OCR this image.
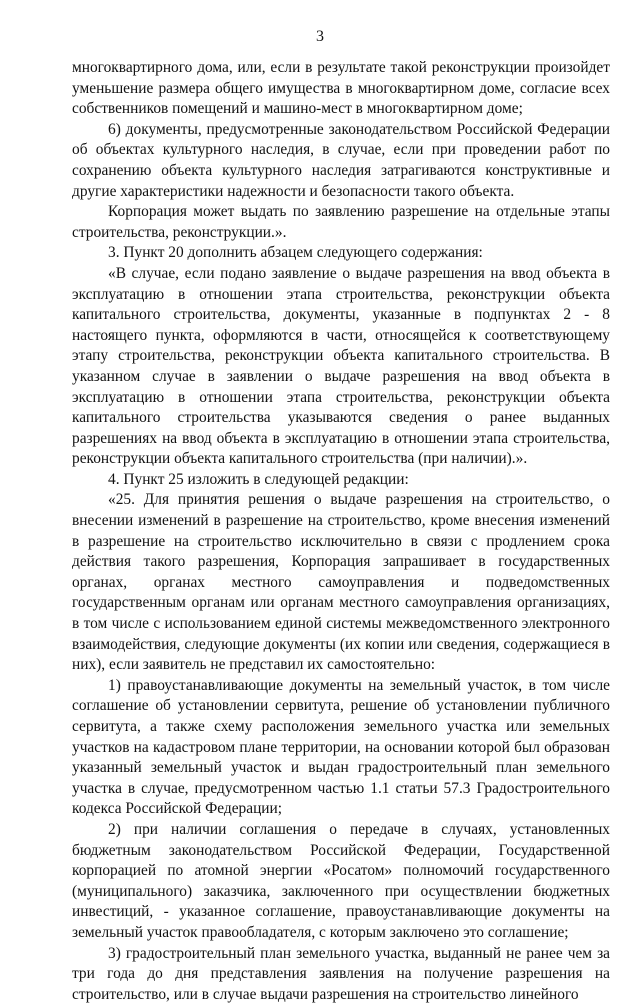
3

многоквартирного дома, или, если в результате такой реконструкции произойдет уменьшение размера общего имущества в многоквартирном доме, согласие всех собственников помещений и машино-мест в многоквартирном доме;

6) документы, предусмотренные законодательством Российской Федерации об объектах культурного наследия, в случае, если при проведении работ по сохранению объекта культурного наследия затрагиваются конструктивные и другие характеристики надежности и безопасности такого объекта.

Корпорация может выдать по заявлению разрешение на отдельные этапы строительства, реконструкции.».

3. Пункт 20 дополнить абзацем следующего содержания:

«В случае, если подано заявление о выдаче разрешения на ввод объекта в эксплуатацию в отношении этапа строительства, реконструкции объекта капитального строительства, документы, указанные в подпунктах 2 - 8 настоящего пункта, оформляются в части, относящейся к соответствующему этапу строительства, реконструкции объекта капитального строительства. В указанном случае в заявлении о выдаче разрешения на ввод объекта в эксплуатацию в отношении этапа строительства, реконструкции объекта капитального строительства указываются сведения о ранее выданных разрешениях на ввод объекта в эксплуатацию в отношении этапа строительства, реконструкции объекта капитального строительства (при наличии).».

4. Пункт 25 изложить в следующей редакции:

«25. Для принятия решения о выдаче разрешения на строительство, о внесении изменений в разрешение на строительство, кроме внесения изменений в разрешение на строительство исключительно в связи с продлением срока действия такого разрешения, Корпорация запрашивает в государственных органах, органах местного самоуправления и подведомственных государственным органам или органам местного самоуправления организациях, в том числе с использованием единой системы межведомственного электронного взаимодействия, следующие документы (их копии или сведения, содержащиеся в них), если заявитель не представил их самостоятельно:

1) правоустанавливающие документы на земельный участок, в том числе соглашение об установлении сервитута, решение об установлении публичного сервитута, а также схему расположения земельного участка или земельных участков на кадастровом плане территории, на основании которой был образован указанный земельный участок и выдан градостроительный план земельного участка в случае, предусмотренном частью 1.1 статьи 57.3 Градостроительного кодекса Российской Федерации;

2) при наличии соглашения о передаче в случаях, установленных бюджетным законодательством Российской Федерации, Государственной корпорацией по атомной энергии «Росатом» полномочий государственного (муниципального) заказчика, заключенного при осуществлении бюджетных инвестиций, - указанное соглашение, правоустанавливающие документы на земельный участок правообладателя, с которым заключено это соглашение;

3) градостроительный план земельного участка, выданный не ранее чем за три года до дня представления заявления на получение разрешения на строительство, или в случае выдачи разрешения на строительство линейного
